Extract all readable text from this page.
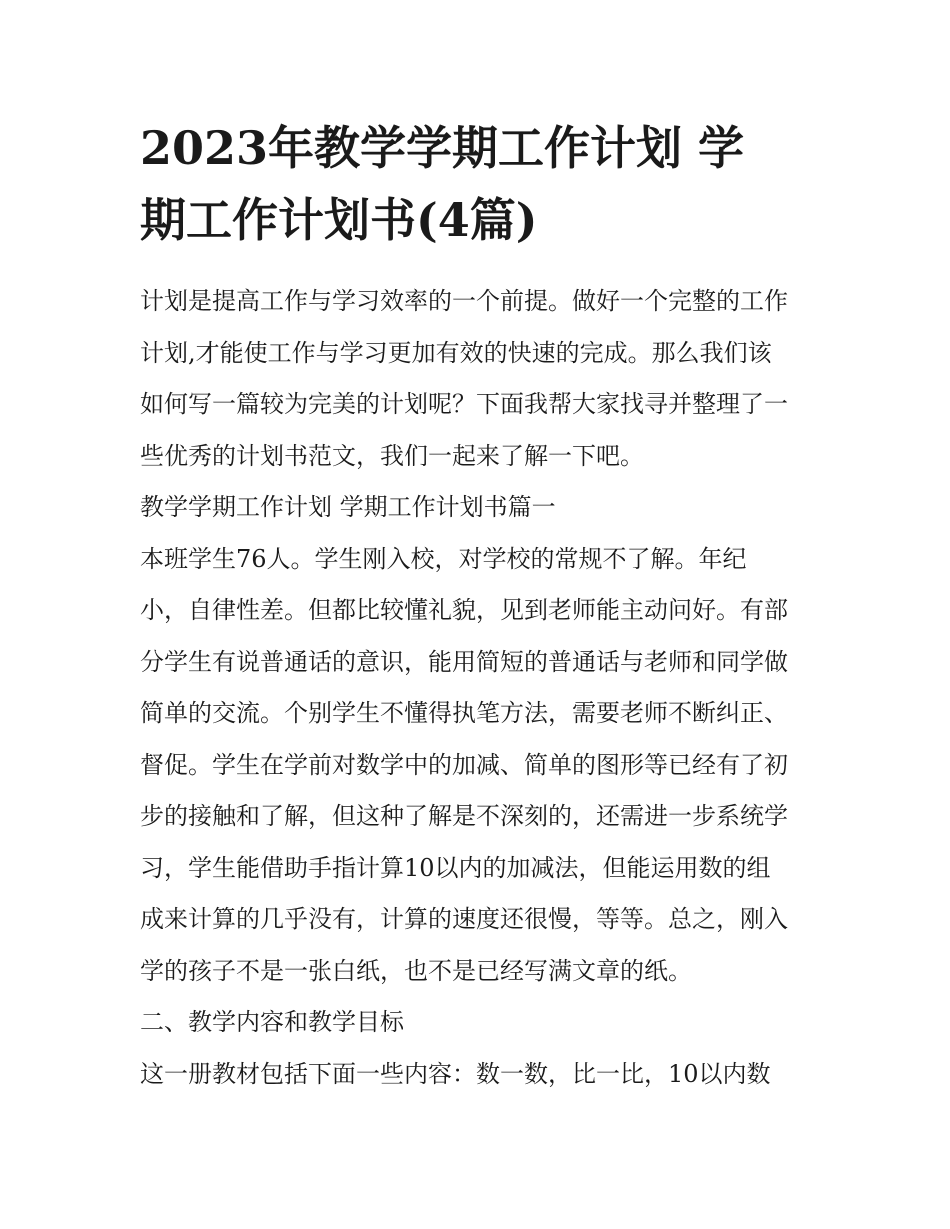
2023年教学学期工作计划 学
期工作计划书(4篇)
计划是提高工作与学习效率的一个前提。做好一个完整的工作
计划,才能使工作与学习更加有效的快速的完成。那么我们该
如何写一篇较为完美的计划呢？下面我帮大家找寻并整理了一
些优秀的计划书范文，我们一起来了解一下吧。
教学学期工作计划 学期工作计划书篇一
本班学生76人。学生刚入校，对学校的常规不了解。年纪
小，自律性差。但都比较懂礼貌，见到老师能主动问好。有部
分学生有说普通话的意识，能用简短的普通话与老师和同学做
简单的交流。个别学生不懂得执笔方法，需要老师不断纠正、
督促。学生在学前对数学中的加减、简单的图形等已经有了初
步的接触和了解，但这种了解是不深刻的，还需进一步系统学
习，学生能借助手指计算10以内的加减法，但能运用数的组
成来计算的几乎没有，计算的速度还很慢，等等。总之，刚入
学的孩子不是一张白纸，也不是已经写满文章的纸。
二、教学内容和教学目标
这一册教材包括下面一些内容：数一数，比一比，10以内数
